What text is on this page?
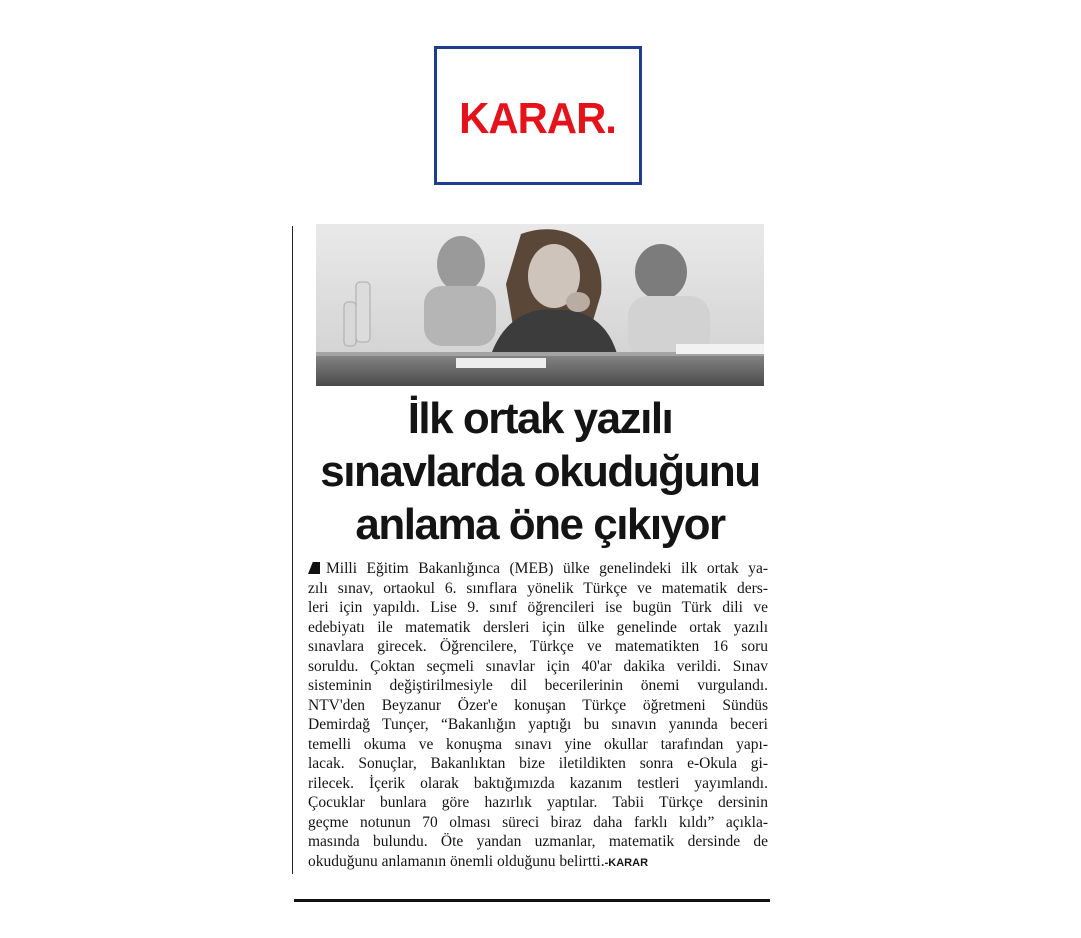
KARAR.
İlk ortak yazılı
sınavlarda okuduğunu
anlama öne çıkıyor
Milli Eğitim Bakanlığınca (MEB) ülke genelindeki ilk ortak ya-
zılı sınav, ortaokul 6. sınıflara yönelik Türkçe ve matematik ders-
leri için yapıldı. Lise 9. sınıf öğrencileri ise bugün Türk dili ve
edebiyatı ile matematik dersleri için ülke genelinde ortak yazılı
sınavlara girecek. Öğrencilere, Türkçe ve matematikten 16 soru
soruldu. Çoktan seçmeli sınavlar için 40'ar dakika verildi. Sınav
sisteminin değiştirilmesiyle dil becerilerinin önemi vurgulandı.
NTV'den Beyzanur Özer'e konuşan Türkçe öğretmeni Sündüs
Demirdağ Tunçer, “Bakanlığın yaptığı bu sınavın yanında beceri
temelli okuma ve konuşma sınavı yine okullar tarafından yapı-
lacak. Sonuçlar, Bakanlıktan bize iletildikten sonra e-Okula gi-
rilecek. İçerik olarak baktığımızda kazanım testleri yayımlandı.
Çocuklar bunlara göre hazırlık yaptılar. Tabii Türkçe dersinin
geçme notunun 70 olması süreci biraz daha farklı kıldı” açıkla-
masında bulundu. Öte yandan uzmanlar, matematik dersinde de
okuduğunu anlamanın önemli olduğunu belirtti.-KARAR
